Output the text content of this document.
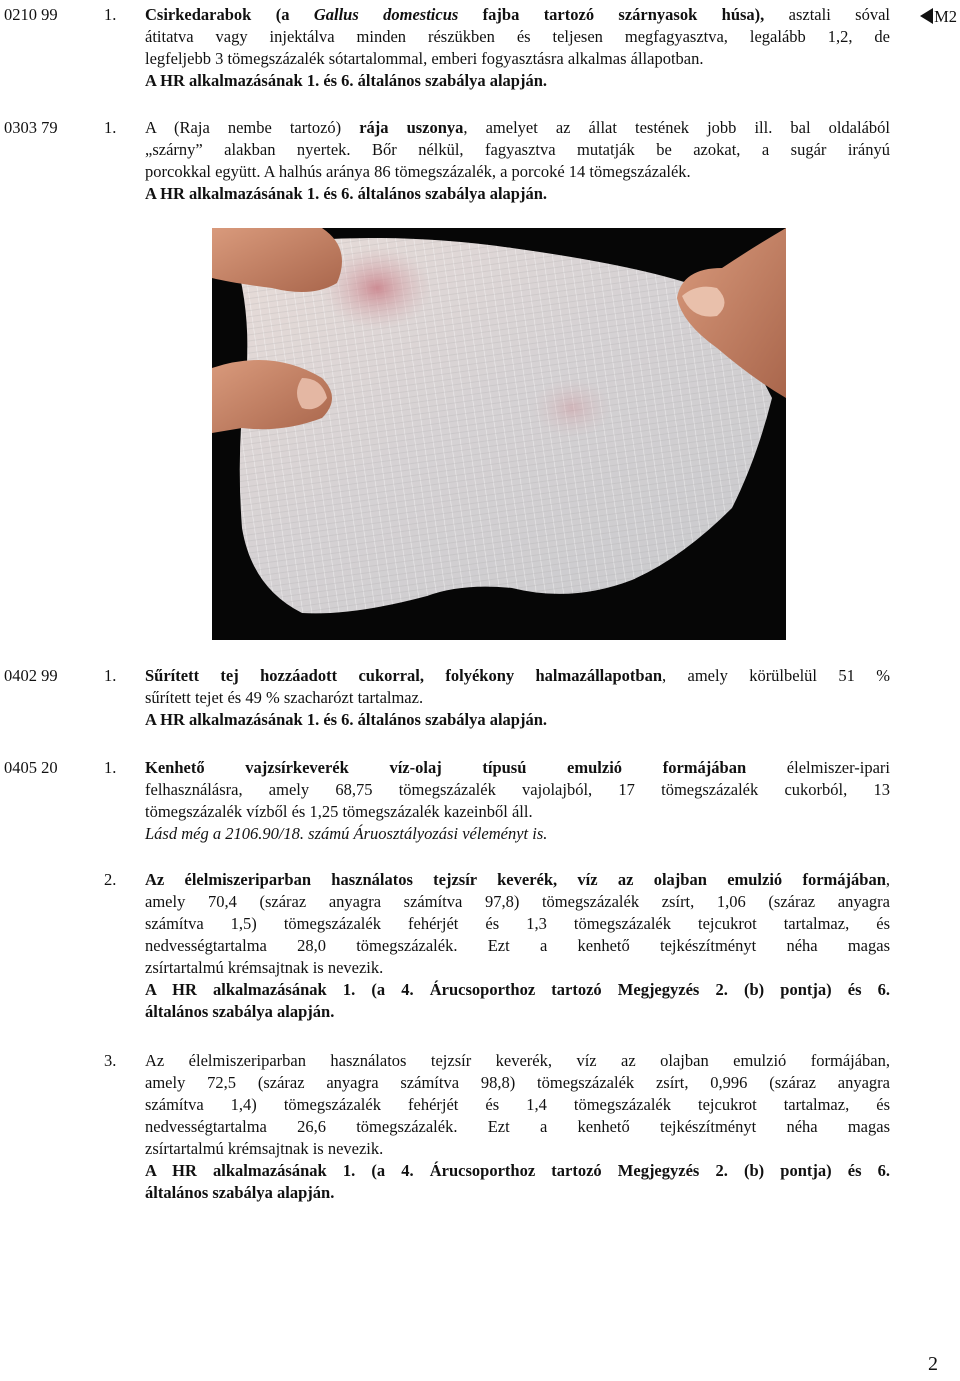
0210 99	1. Csirkedarabok (a Gallus domesticus fajba tartozó szárnyasok húsa), asztali sóval
átitatva vagy injektálva minden részükben és teljesen megfagyasztva, legalább 1,2, de
legfeljebb 3 tömegszázalék sótartalommal, emberi fogyasztásra alkalmas állapotban.
A HR alkalmazásának 1. és 6. általános szabálya alapján.
M2
0303 79	1. A (Raja nembe tartozó) rája uszonya, amelyet az állat testének jobb ill. bal oldalából
„szárny” alakban nyertek. Bőr nélkül, fagyasztva mutatják be azokat, a sugár irányú
porcokkal együtt. A halhús aránya 86 tömegszázalék, a porcoké 14 tömegszázalék.
A HR alkalmazásának 1. és 6. általános szabálya alapján.
0402 99	1. Sűrített tej hozzáadott cukorral, folyékony halmazállapotban, amely körülbelül 51 %
sűrített tejet és 49 % szacharózt tartalmaz.
A HR alkalmazásának 1. és 6. általános szabálya alapján.
0405 20	1. Kenhető vajzsírkeverék víz-olaj típusú emulzió formájában élelmiszer-ipari
felhasználásra, amely 68,75 tömegszázalék vajolajból, 17 tömegszázalék cukorból, 13
tömegszázalék vízből és 1,25 tömegszázalék kazeinből áll.
Lásd még a 2106.90/18. számú Áruosztályozási véleményt is.
2. Az élelmiszeriparban használatos tejzsír keverék, víz az olajban emulzió formájában,
amely 70,4 (száraz anyagra számítva 97,8) tömegszázalék zsírt, 1,06 (száraz anyagra
számítva 1,5) tömegszázalék fehérjét és 1,3 tömegszázalék tejcukrot tartalmaz, és
nedvességtartalma 28,0 tömegszázalék. Ezt a kenhető tejkészítményt néha magas
zsírtartalmú krémsajtnak is nevezik.
A HR alkalmazásának 1. (a 4. Árucsoporthoz tartozó Megjegyzés 2. (b) pontja) és 6.
általános szabálya alapján.
3. Az élelmiszeriparban használatos tejzsír keverék, víz az olajban emulzió formájában,
amely 72,5 (száraz anyagra számítva 98,8) tömegszázalék zsírt, 0,996 (száraz anyagra
számítva 1,4) tömegszázalék fehérjét és 1,4 tömegszázalék tejcukrot tartalmaz, és
nedvességtartalma 26,6 tömegszázalék. Ezt a kenhető tejkészítményt néha magas
zsírtartalmú krémsajtnak is nevezik.
A HR alkalmazásának 1. (a 4. Árucsoporthoz tartozó Megjegyzés 2. (b) pontja) és 6.
általános szabálya alapján.
2
